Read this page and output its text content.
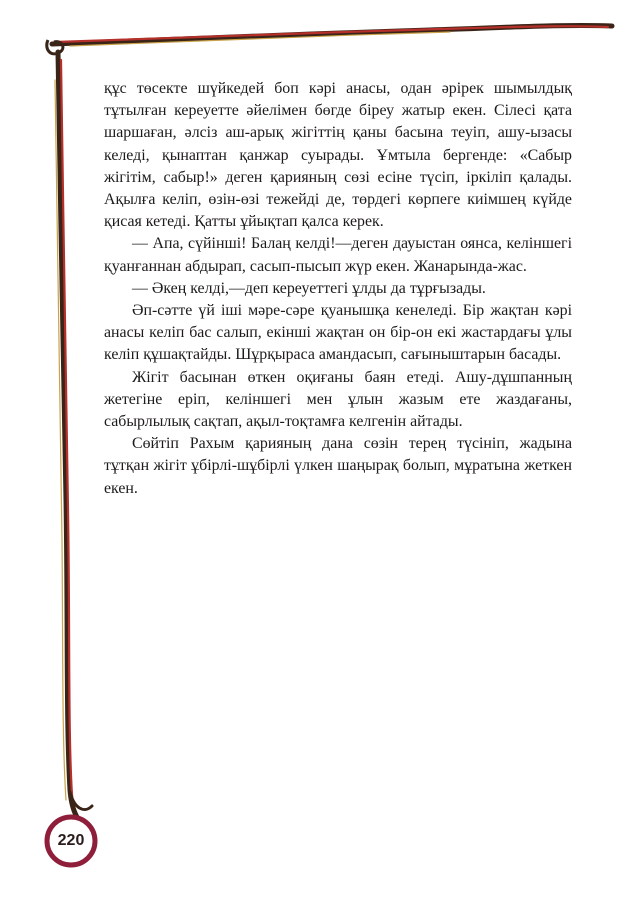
құс төсекте шүйкедей боп кәрі анасы, одан әрірек шымылдық тұтылған кереуетте әйелімен бөгде біреу жатыр екен. Сілесі қата шаршаған, әлсіз аш-арық жігіттің қаны басына теуіп, ашу-ызасы келеді, қынаптан қанжар суырады. Ұмтыла бергенде: «Сабыр жігітім, сабыр!» деген қарияның сөзі есіне түсіп, іркіліп қалады. Ақылға келіп, өзін-өзі тежейді де, төрдегі көрпеге киімшең күйде қисая кетеді. Қатты ұйықтап қалса керек.

— Апа, сүйінші! Балаң келді!—деген дауыстан оянса, келіншегі қуанғаннан абдырап, сасып-пысып жүр екен. Жанарында-жас.

— Әкең келді,—деп кереуеттегі ұлды да тұрғызады.

Әп-сәтте үй іші мәре-сәре қуанышқа кенеледі. Бір жақтан кәрі анасы келіп бас салып, екінші жақтан он бір-он екі жастардағы ұлы келіп құшақтайды. Шұрқыраса амандасып, сағыныштарын басады.

Жігіт басынан өткен оқиғаны баян етеді. Ашу-дұшпанның жетегіне еріп, келіншегі мен ұлын жазым ете жаздағаны, сабырлылық сақтап, ақыл-тоқтамға келгенін айтады.

Сөйтіп Рахым қарияның дана сөзін терең түсініп, жадына тұтқан жігіт ұбірлі-шұбірлі үлкен шаңырақ болып, мұратына жеткен екен.

220
